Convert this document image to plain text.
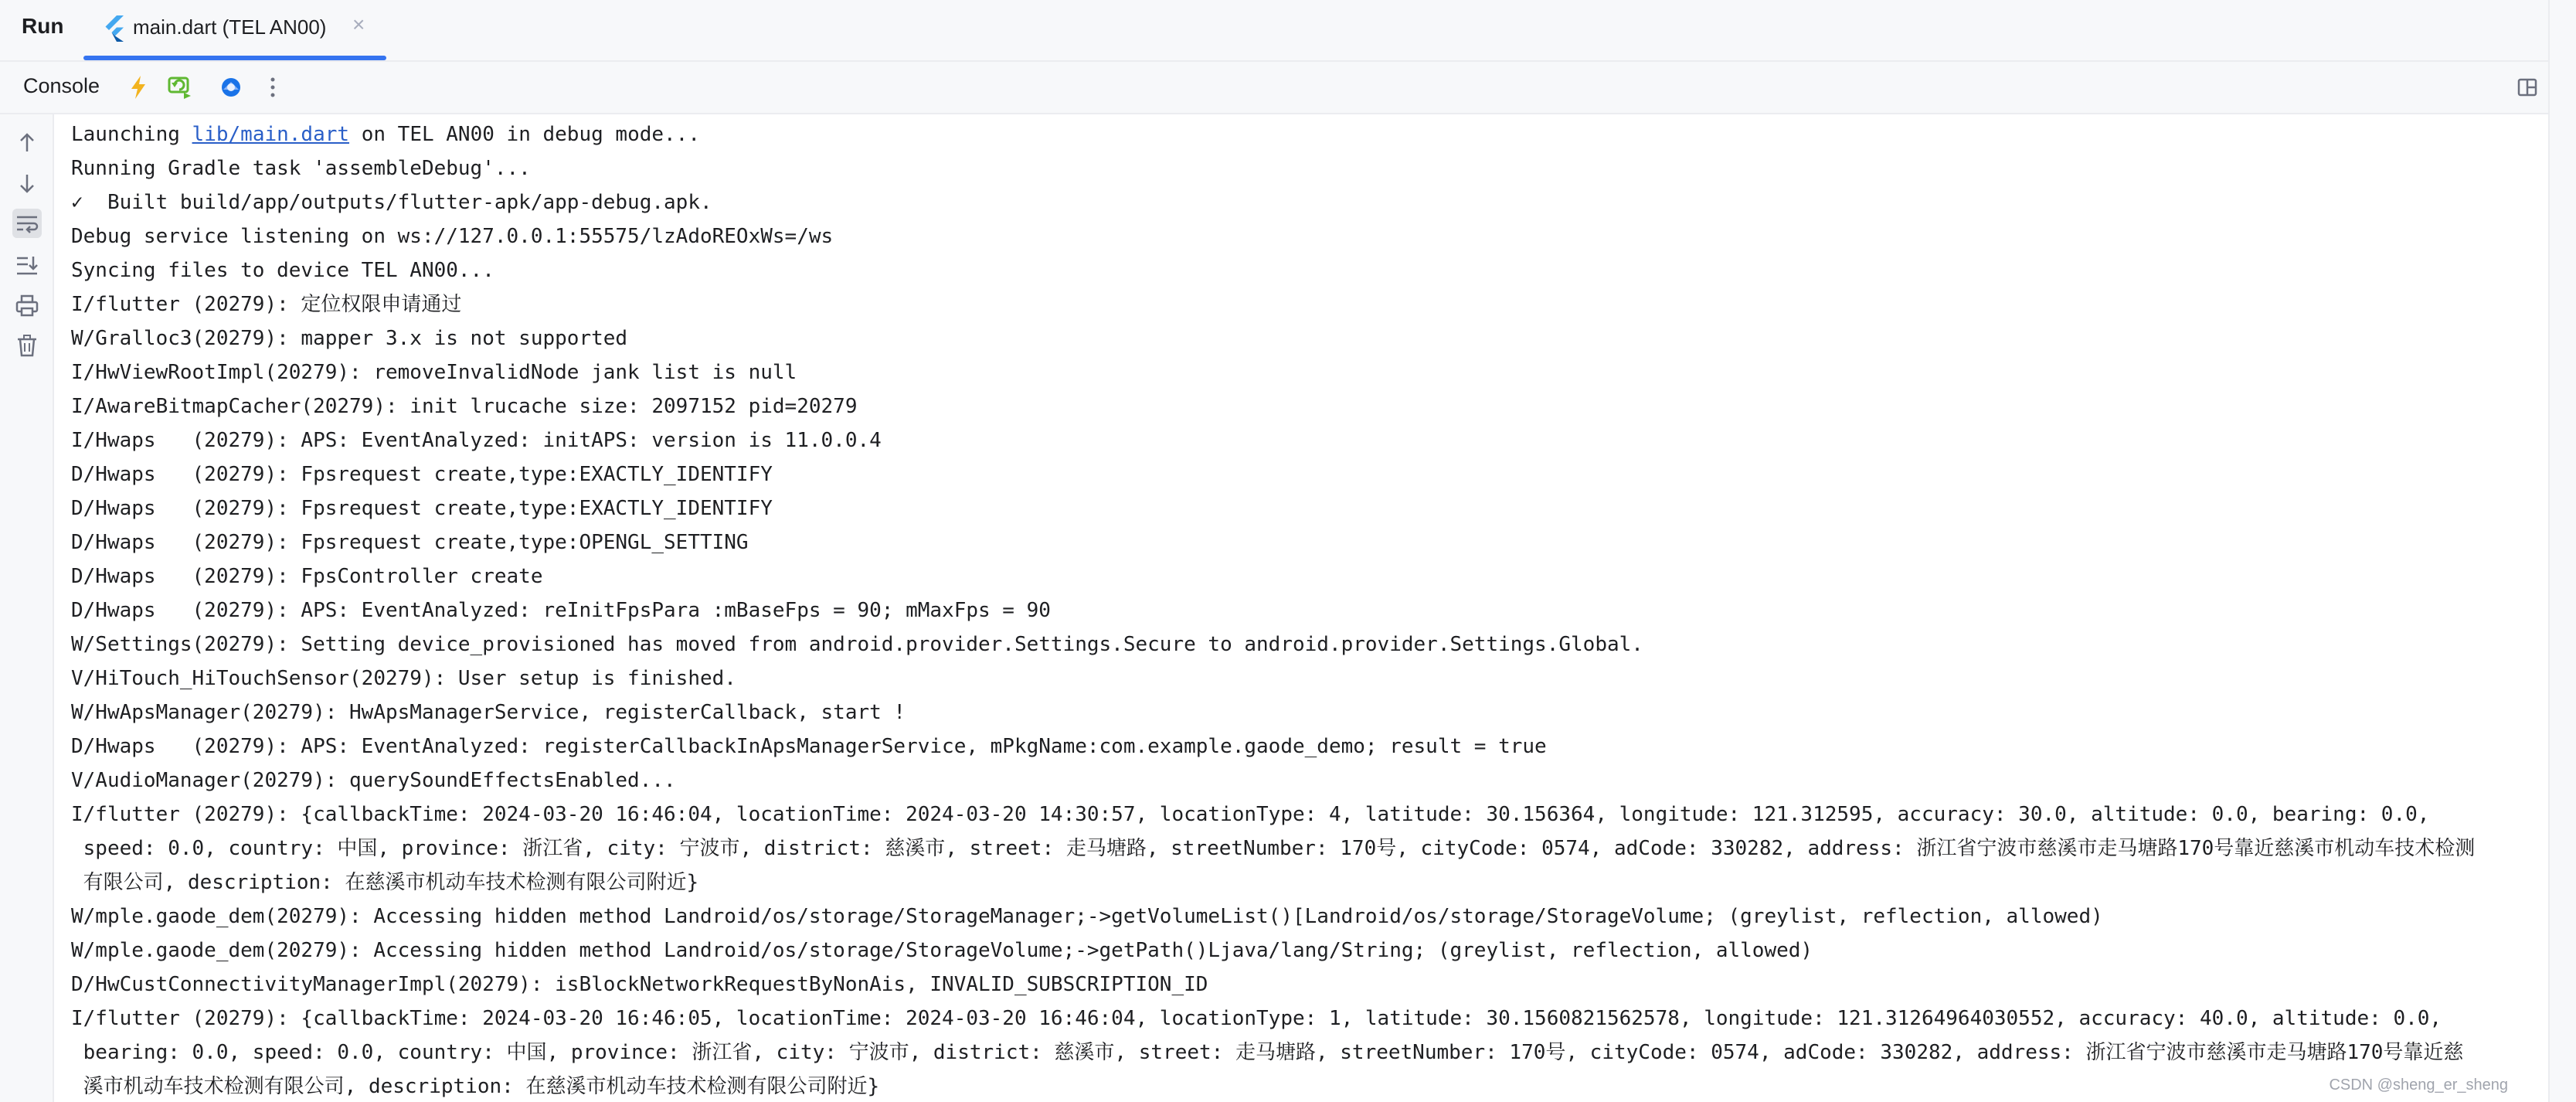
Run	main.dart (TEL AN00) ×
Console
Launching lib/main.dart on TEL AN00 in debug mode...
Running Gradle task 'assembleDebug'...
✓  Built build/app/outputs/flutter-apk/app-debug.apk.
Debug service listening on ws://127.0.0.1:55575/lzAdoREOxWs=/ws
Syncing files to device TEL AN00...
I/flutter (20279): 定位权限申请通过
W/Gralloc3(20279): mapper 3.x is not supported
I/HwViewRootImpl(20279): removeInvalidNode jank list is null
I/AwareBitmapCacher(20279): init lrucache size: 2097152 pid=20279
I/Hwaps   (20279): APS: EventAnalyzed: initAPS: version is 11.0.0.4
D/Hwaps   (20279): Fpsrequest create,type:EXACTLY_IDENTIFY
D/Hwaps   (20279): Fpsrequest create,type:EXACTLY_IDENTIFY
D/Hwaps   (20279): Fpsrequest create,type:OPENGL_SETTING
D/Hwaps   (20279): FpsController create
D/Hwaps   (20279): APS: EventAnalyzed: reInitFpsPara :mBaseFps = 90; mMaxFps = 90
W/Settings(20279): Setting device_provisioned has moved from android.provider.Settings.Secure to android.provider.Settings.Global.
V/HiTouch_HiTouchSensor(20279): User setup is finished.
W/HwApsManager(20279): HwApsManagerService, registerCallback, start !
D/Hwaps   (20279): APS: EventAnalyzed: registerCallbackInApsManagerService, mPkgName:com.example.gaode_demo; result = true
V/AudioManager(20279): querySoundEffectsEnabled...
I/flutter (20279): {callbackTime: 2024-03-20 16:46:04, locationTime: 2024-03-20 14:30:57, locationType: 4, latitude: 30.156364, longitude: 121.312595, accuracy: 30.0, altitude: 0.0, bearing: 0.0,
speed: 0.0, country: 中国, province: 浙江省, city: 宁波市, district: 慈溪市, street: 走马塘路, streetNumber: 170号, cityCode: 0574, adCode: 330282, address: 浙江省宁波市慈溪市走马塘路170号靠近慈溪市机动车技术检测
有限公司, description: 在慈溪市机动车技术检测有限公司附近}
W/mple.gaode_dem(20279): Accessing hidden method Landroid/os/storage/StorageManager;->getVolumeList()[Landroid/os/storage/StorageVolume; (greylist, reflection, allowed)
W/mple.gaode_dem(20279): Accessing hidden method Landroid/os/storage/StorageVolume;->getPath()Ljava/lang/String; (greylist, reflection, allowed)
D/HwCustConnectivityManagerImpl(20279): isBlockNetworkRequestByNonAis, INVALID_SUBSCRIPTION_ID
I/flutter (20279): {callbackTime: 2024-03-20 16:46:05, locationTime: 2024-03-20 16:46:04, locationType: 1, latitude: 30.1560821562578, longitude: 121.31264964030552, accuracy: 40.0, altitude: 0.0,
bearing: 0.0, speed: 0.0, country: 中国, province: 浙江省, city: 宁波市, district: 慈溪市, street: 走马塘路, streetNumber: 170号, cityCode: 0574, adCode: 330282, address: 浙江省宁波市慈溪市走马塘路170号靠近慈
溪市机动车技术检测有限公司, description: 在慈溪市机动车技术检测有限公司附近}	CSDN @sheng_er_sheng
